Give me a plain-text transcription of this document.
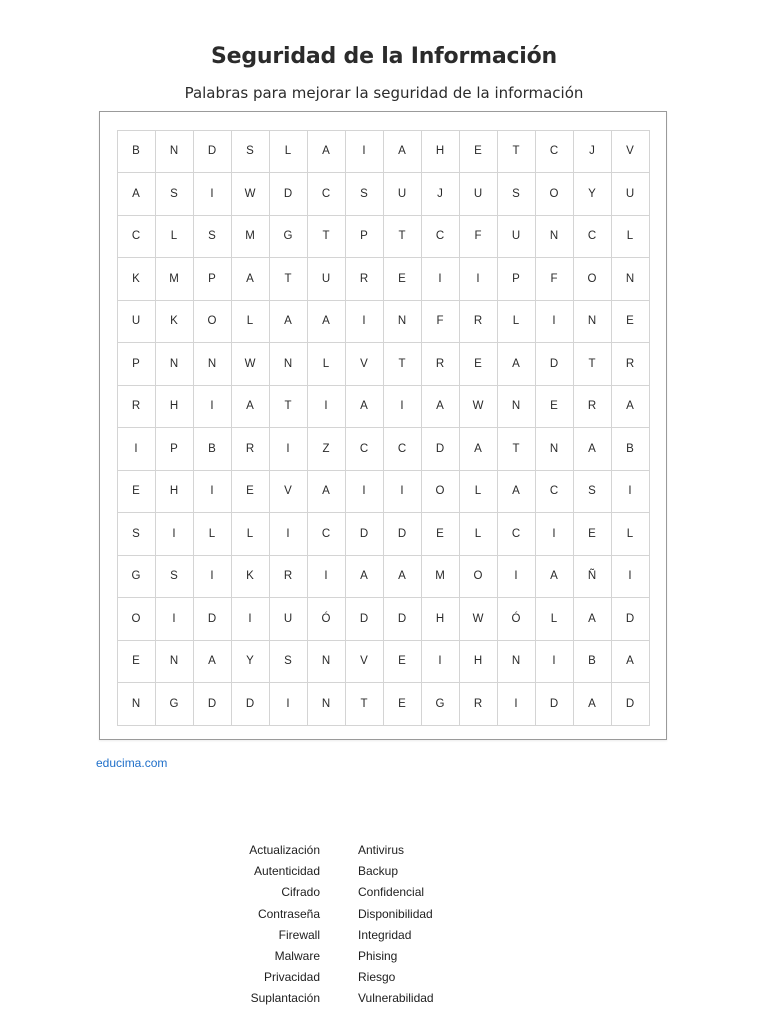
Seguridad de la Información
Palabras para mejorar la seguridad de la información
B	N	D	S	L	A	I	A	H	E	T	C	J	V
A	S	I	W	D	C	S	U	J	U	S	O	Y	U
C	L	S	M	G	T	P	T	C	F	U	N	C	L
K	M	P	A	T	U	R	E	I	I	P	F	O	N
U	K	O	L	A	A	I	N	F	R	L	I	N	E
P	N	N	W	N	L	V	T	R	E	A	D	T	R
R	H	I	A	T	I	A	I	A	W	N	E	R	A
I	P	B	R	I	Z	C	C	D	A	T	N	A	B
E	H	I	E	V	A	I	I	O	L	A	C	S	I
S	I	L	L	I	C	D	D	E	L	C	I	E	L
G	S	I	K	R	I	A	A	M	O	I	A	Ñ	I
O	I	D	I	U	Ó	D	D	H	W	Ó	L	A	D
E	N	A	Y	S	N	V	E	I	H	N	I	B	A
N	G	D	D	I	N	T	E	G	R	I	D	A	D
educima.com
Actualización
Autenticidad
Cifrado
Contraseña
Firewall
Malware
Privacidad
Suplantación
Antivirus
Backup
Confidencial
Disponibilidad
Integridad
Phising
Riesgo
Vulnerabilidad
